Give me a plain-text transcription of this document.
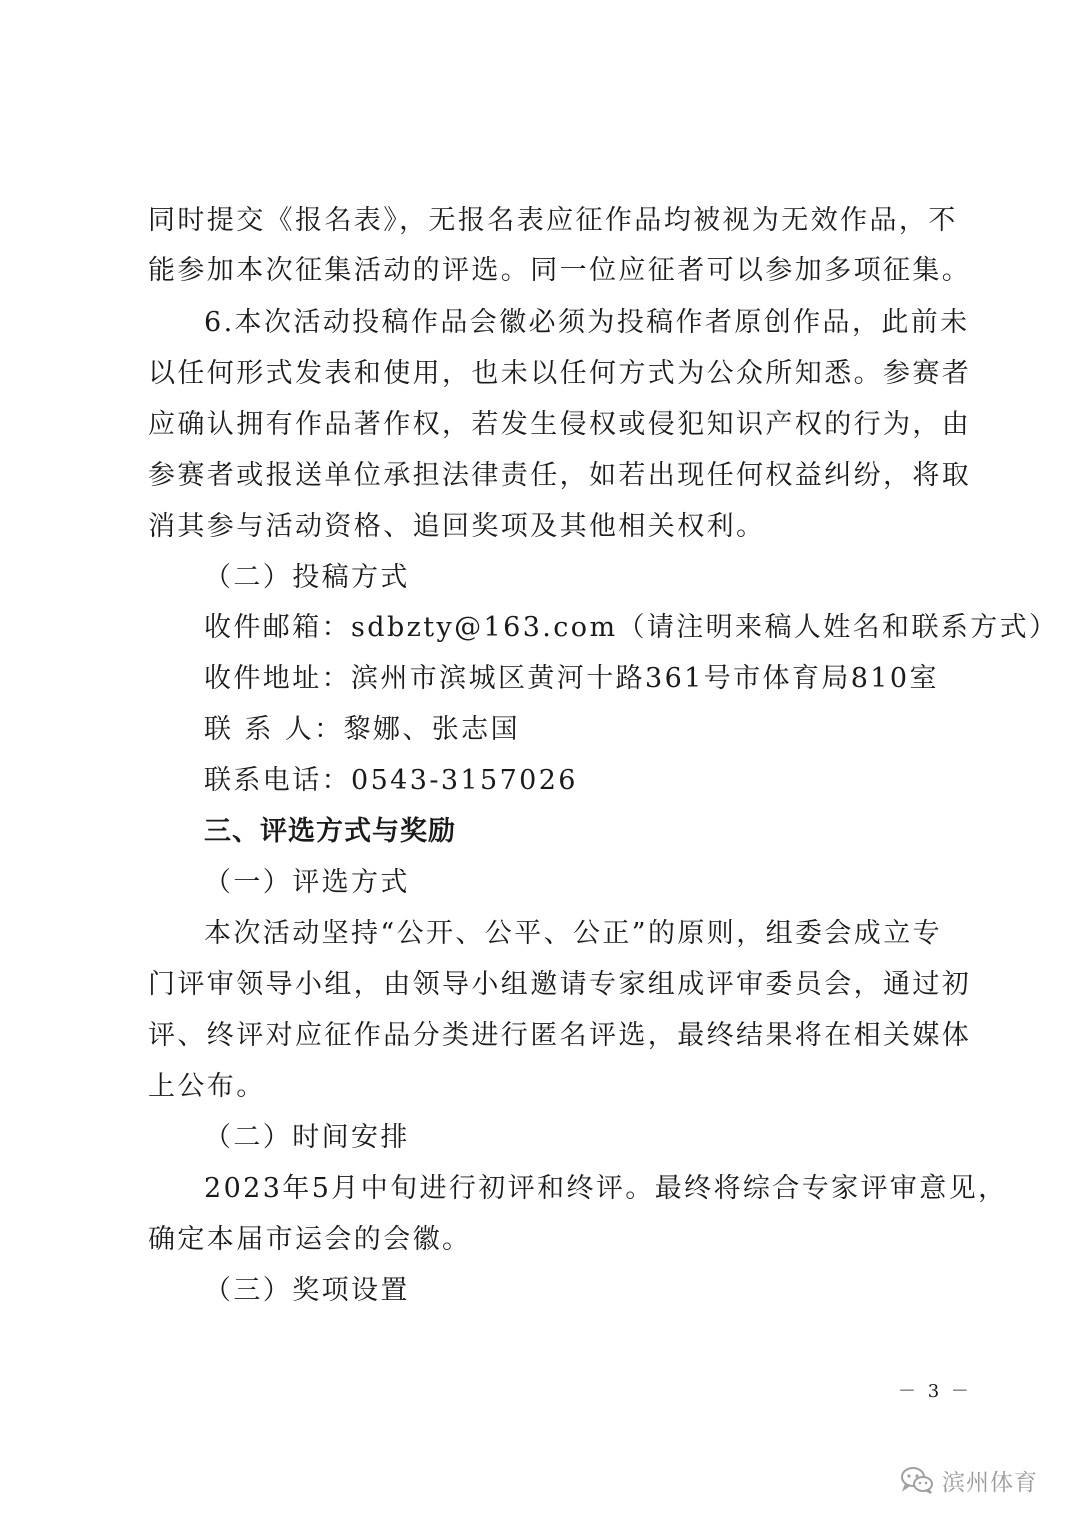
同时提交《报名表》，无报名表应征作品均被视为无效作品，不
能参加本次征集活动的评选。同一位应征者可以参加多项征集。
6.本次活动投稿作品会徽必须为投稿作者原创作品，此前未
以任何形式发表和使用，也未以任何方式为公众所知悉。参赛者
应确认拥有作品著作权，若发生侵权或侵犯知识产权的行为，由
参赛者或报送单位承担法律责任，如若出现任何权益纠纷，将取
消其参与活动资格、追回奖项及其他相关权利。
（二）投稿方式
收件邮箱：sdbzty@163.com（请注明来稿人姓名和联系方式）
收件地址：滨州市滨城区黄河十路361号市体育局810室
联 系 人：黎娜、张志国
联系电话：0543-3157026
三、评选方式与奖励
（一）评选方式
本次活动坚持“公开、公平、公正”的原则，组委会成立专
门评审领导小组，由领导小组邀请专家组成评审委员会，通过初
评、终评对应征作品分类进行匿名评选，最终结果将在相关媒体
上公布。
（二）时间安排
2023年5月中旬进行初评和终评。最终将综合专家评审意见，
确定本届市运会的会徽。
（三）奖项设置
－ 3 －
滨州体育
